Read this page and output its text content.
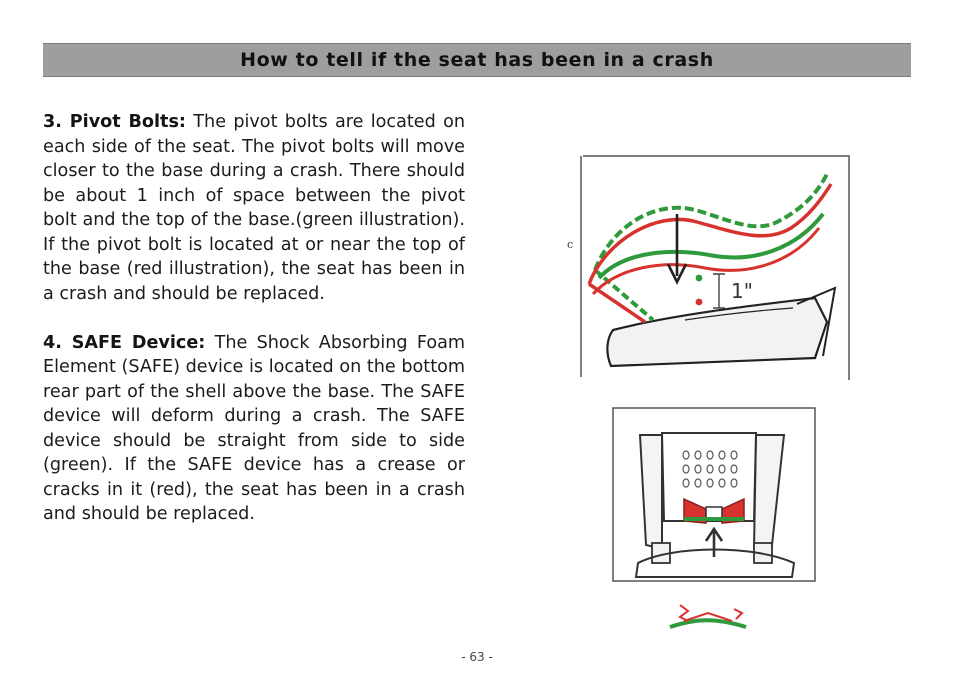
How to tell if the seat has been in a crash

3. Pivot Bolts: The pivot bolts are located on each side of the seat. The pivot bolts will move closer to the base during a crash. There should be about 1 inch of space between the pivot bolt and the top of the base.(green illustration). If the pivot bolt is located at or near the top of the base (red illustration), the seat has been in a crash and should be replaced.

4. SAFE Device: The Shock Absorbing Foam Element (SAFE) device is located on the bottom rear part of the shell above the base. The SAFE device will deform during a crash. The SAFE device should be straight from side to side (green). If the SAFE device has a crease or cracks in it (red), the seat has been in a crash and should be replaced.

c
1"
- 63 -
